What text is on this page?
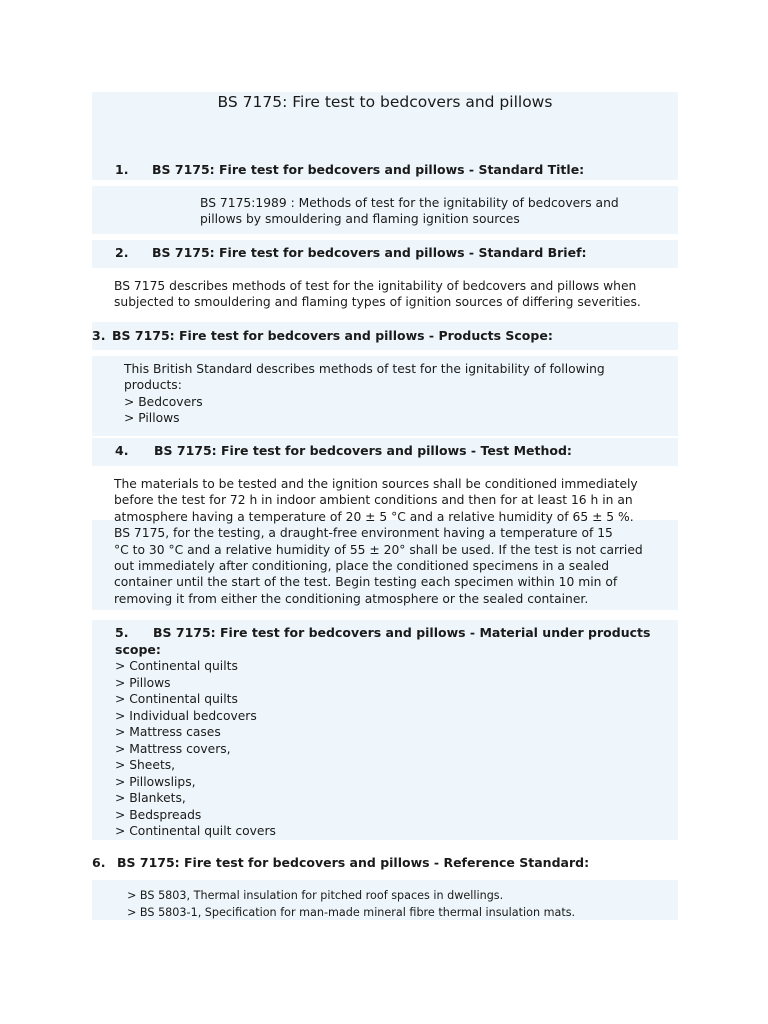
BS 7175: Fire test to bedcovers and pillows
1. BS 7175: Fire test for bedcovers and pillows - Standard Title:
BS 7175:1989 : Methods of test for the ignitability of bedcovers and
pillows by smouldering and flaming ignition sources
2. BS 7175: Fire test for bedcovers and pillows - Standard Brief:
BS 7175 describes methods of test for the ignitability of bedcovers and pillows when
subjected to smouldering and flaming types of ignition sources of differing severities.
3. BS 7175: Fire test for bedcovers and pillows - Products Scope:
This British Standard describes methods of test for the ignitability of following
products:
> Bedcovers
> Pillows
4. BS 7175: Fire test for bedcovers and pillows - Test Method:
The materials to be tested and the ignition sources shall be conditioned immediately
before the test for 72 h in indoor ambient conditions and then for at least 16 h in an
atmosphere having a temperature of 20 ± 5 °C and a relative humidity of 65 ± 5 %.
BS 7175, for the testing, a draught-free environment having a temperature of 15
°C to 30 °C and a relative humidity of 55 ± 20° shall be used. If the test is not carried
out immediately after conditioning, place the conditioned specimens in a sealed
container until the start of the test. Begin testing each specimen within 10 min of
removing it from either the conditioning atmosphere or the sealed container.
5. BS 7175: Fire test for bedcovers and pillows - Material under products
scope:
> Continental quilts
> Pillows
> Continental quilts
> Individual bedcovers
> Mattress cases
> Mattress covers,
> Sheets,
> Pillowslips,
> Blankets,
> Bedspreads
> Continental quilt covers
6. BS 7175: Fire test for bedcovers and pillows - Reference Standard:
> BS 5803, Thermal insulation for pitched roof spaces in dwellings.
> BS 5803-1, Specification for man-made mineral fibre thermal insulation mats.
